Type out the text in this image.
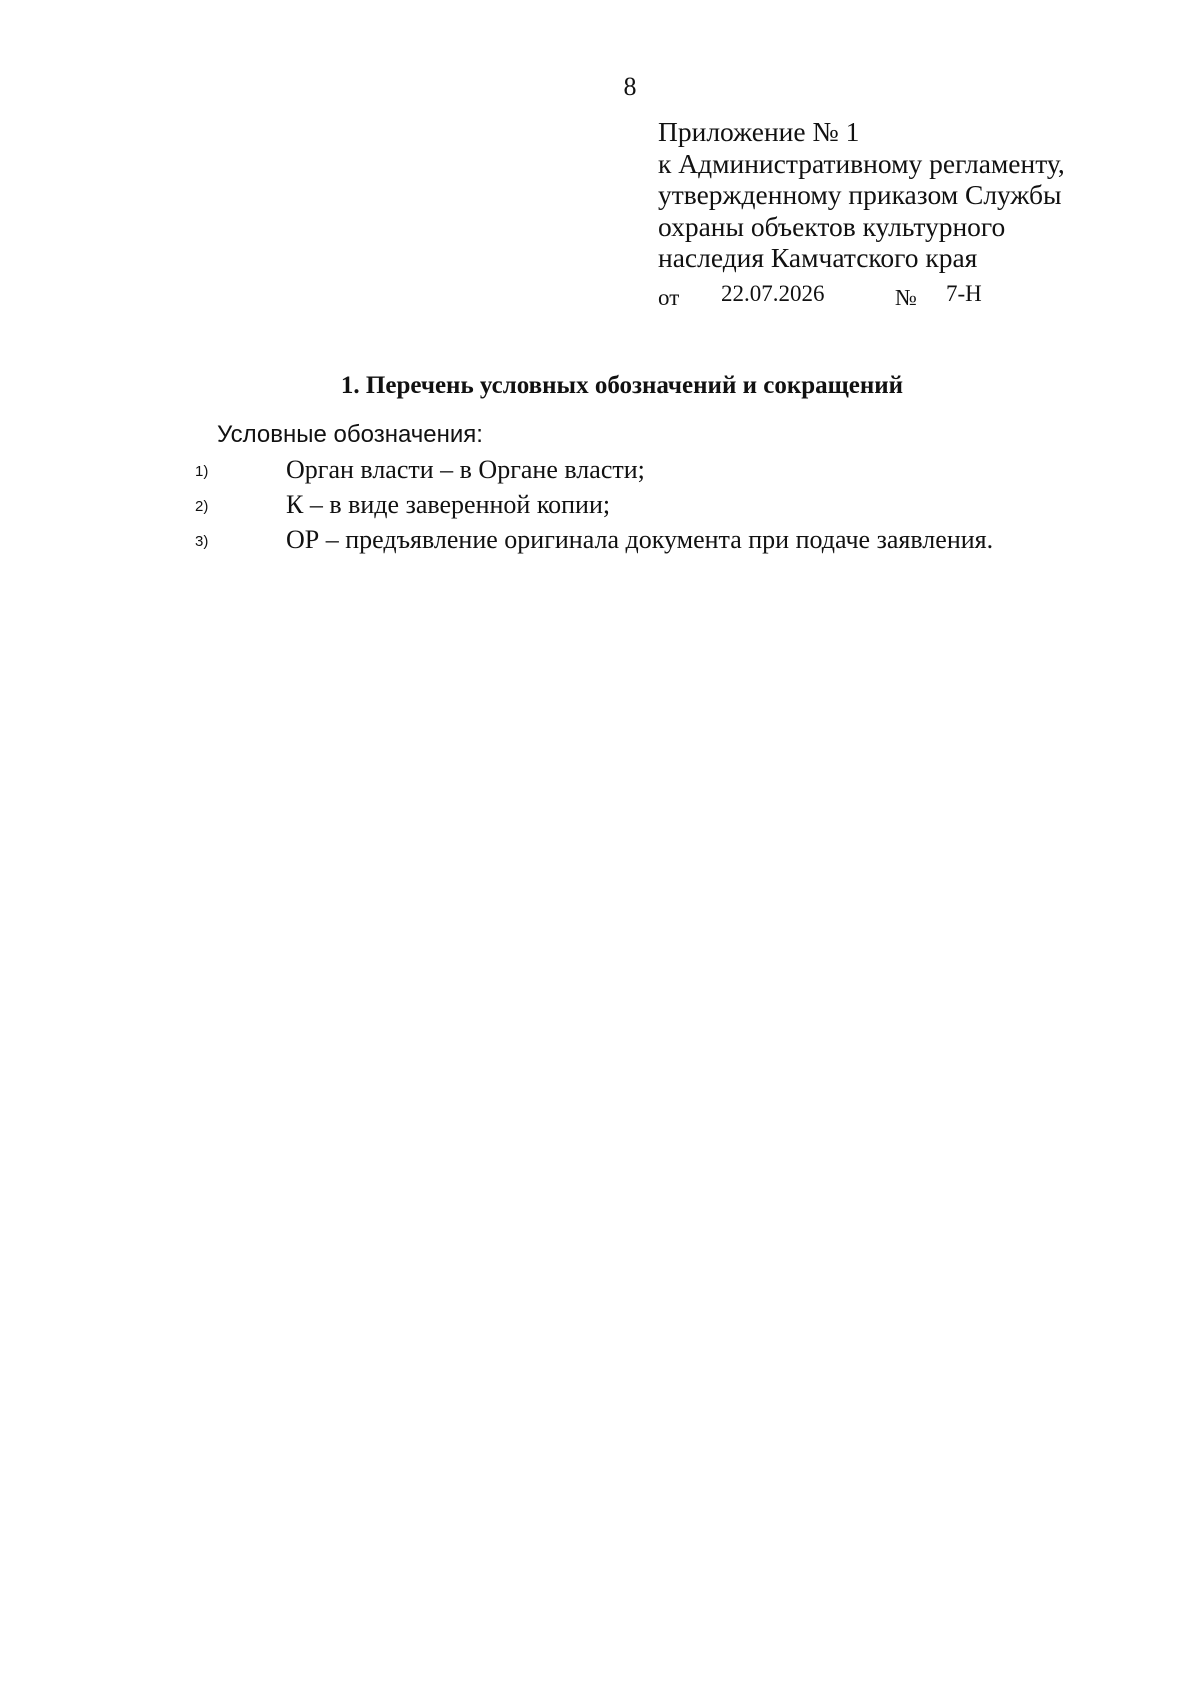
8
Приложение № 1
к Административному регламенту,
утвержденному приказом Службы
охраны объектов культурного
наследия Камчатского края
от 22.07.2026	№ 7-Н
1. Перечень условных обозначений и сокращений
Условные обозначения:
1)	Орган власти – в Органе власти;
2)	К – в виде заверенной копии;
3)	ОР – предъявление оригинала документа при подаче заявления.
